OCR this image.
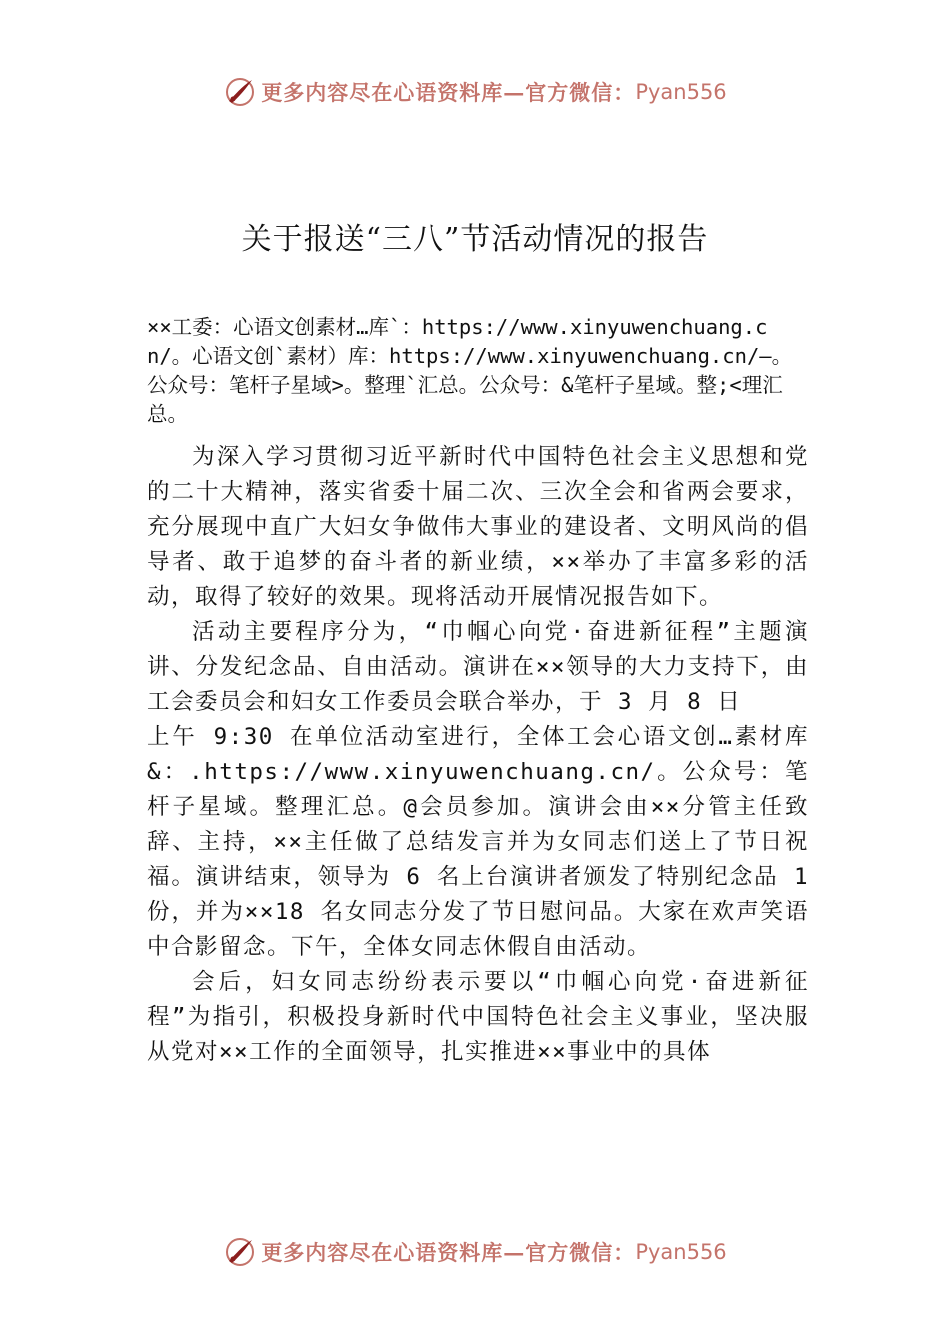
更多内容尽在心语资料库—官方微信： Pyan556
关于报送“三八”节活动情况的报告
××工委：心语文创素材…库`：https://www.xinyuwenchuang.cn/。心语文创`素材）库：https://www.xinyuwenchuang.cn/—。公众号：笔杆子星域>。整理`汇总。公众号：&笔杆子星域。整;<理汇总。

为深入学习贯彻习近平新时代中国特色社会主义思想和党的二十大精神，落实省委十届二次、三次全会和省两会要求，充分展现中直广大妇女争做伟大事业的建设者、文明风尚的倡导者、敢于追梦的奋斗者的新业绩，××举办了丰富多彩的活动，取得了较好的效果。现将活动开展情况报告如下。

活动主要程序分为，“巾帼心向党·奋进新征程”主题演讲、分发纪念品、自由活动。演讲在××领导的大力支持下，由工会委员会和妇女工作委员会联合举办，于 3 月 8 日

上午 9:30 在单位活动室进行，全体工会心语文创…素材库&：.https://www.xinyuwenchuang.cn/。公众号：笔杆子星域。整理汇总。@会员参加。演讲会由××分管主任致辞、主持，××主任做了总结发言并为女同志们送上了节日祝福。演讲结束，领导为 6 名上台演讲者颁发了特别纪念品 1 份，并为××18 名女同志分发了节日慰问品。大家在欢声笑语中合影留念。下午，全体女同志休假自由活动。

会后，妇女同志纷纷表示要以“巾帼心向党·奋进新征程”为指引，积极投身新时代中国特色社会主义事业，坚决服从党对××工作的全面领导，扎实推进××事业中的具体

更多内容尽在心语资料库—官方微信： Pyan556
